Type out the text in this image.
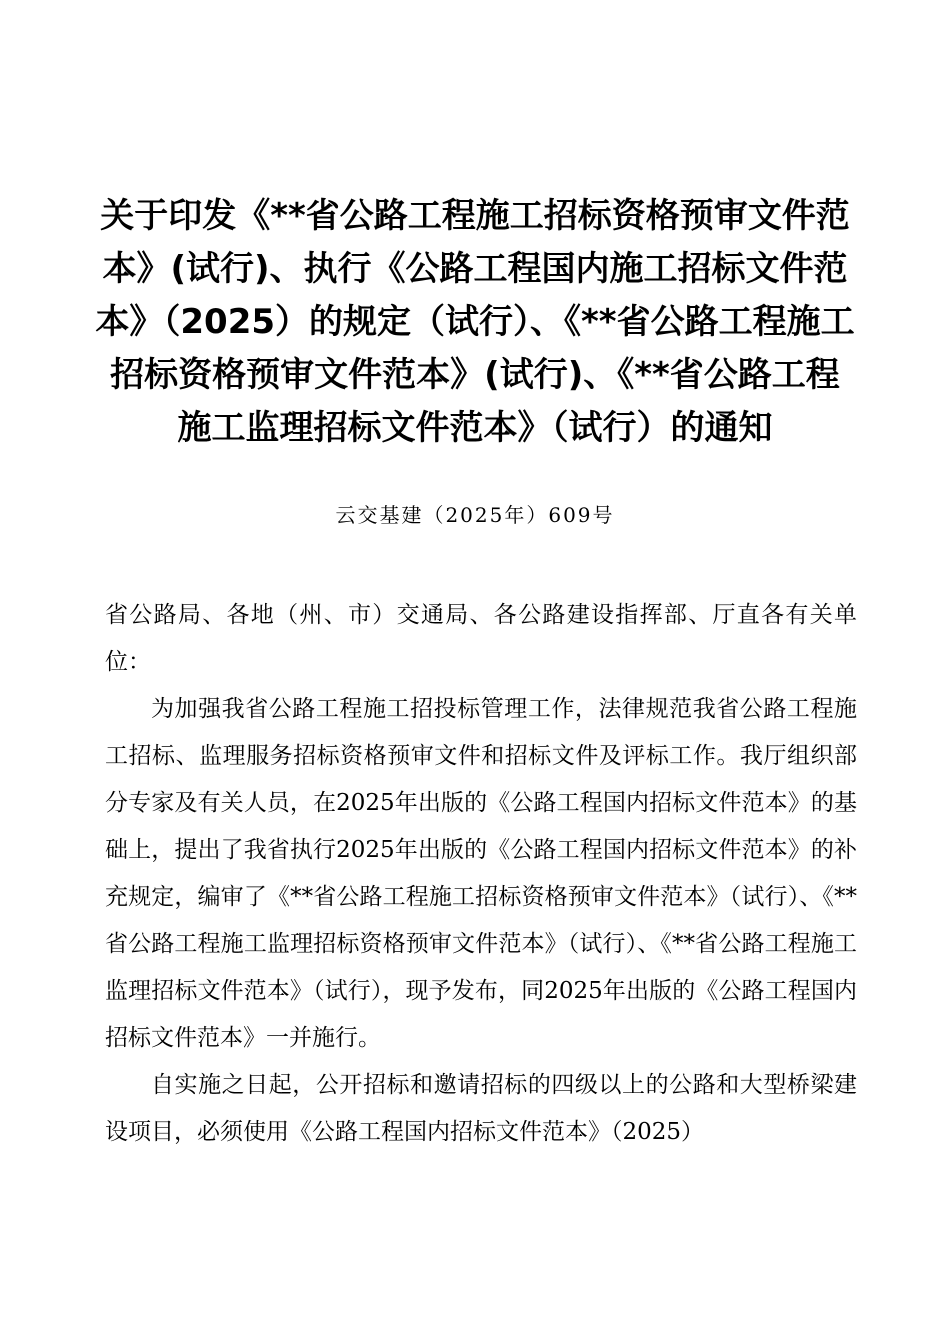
关于印发《**省公路工程施工招标资格预审文件范本》(试行)、执行《公路工程国内施工招标文件范本》（2025）的规定（试行）、《**省公路工程施工招标资格预审文件范本》(试行)、《**省公路工程施工监理招标文件范本》（试行）的通知
云交基建（2025年）609号

省公路局、各地（州、市）交通局、各公路建设指挥部、厅直各有关单位：

为加强我省公路工程施工招投标管理工作，法律规范我省公路工程施工招标、监理服务招标资格预审文件和招标文件及评标工作。我厅组织部分专家及有关人员，在2025年出版的《公路工程国内招标文件范本》的基础上，提出了我省执行2025年出版的《公路工程国内招标文件范本》的补充规定，编审了《**省公路工程施工招标资格预审文件范本》（试行）、《**省公路工程施工监理招标资格预审文件范本》（试行）、《**省公路工程施工监理招标文件范本》（试行），现予发布，同2025年出版的《公路工程国内招标文件范本》一并施行。

自实施之日起，公开招标和邀请招标的四级以上的公路和大型桥梁建设项目，必须使用《公路工程国内招标文件范本》（2025）
